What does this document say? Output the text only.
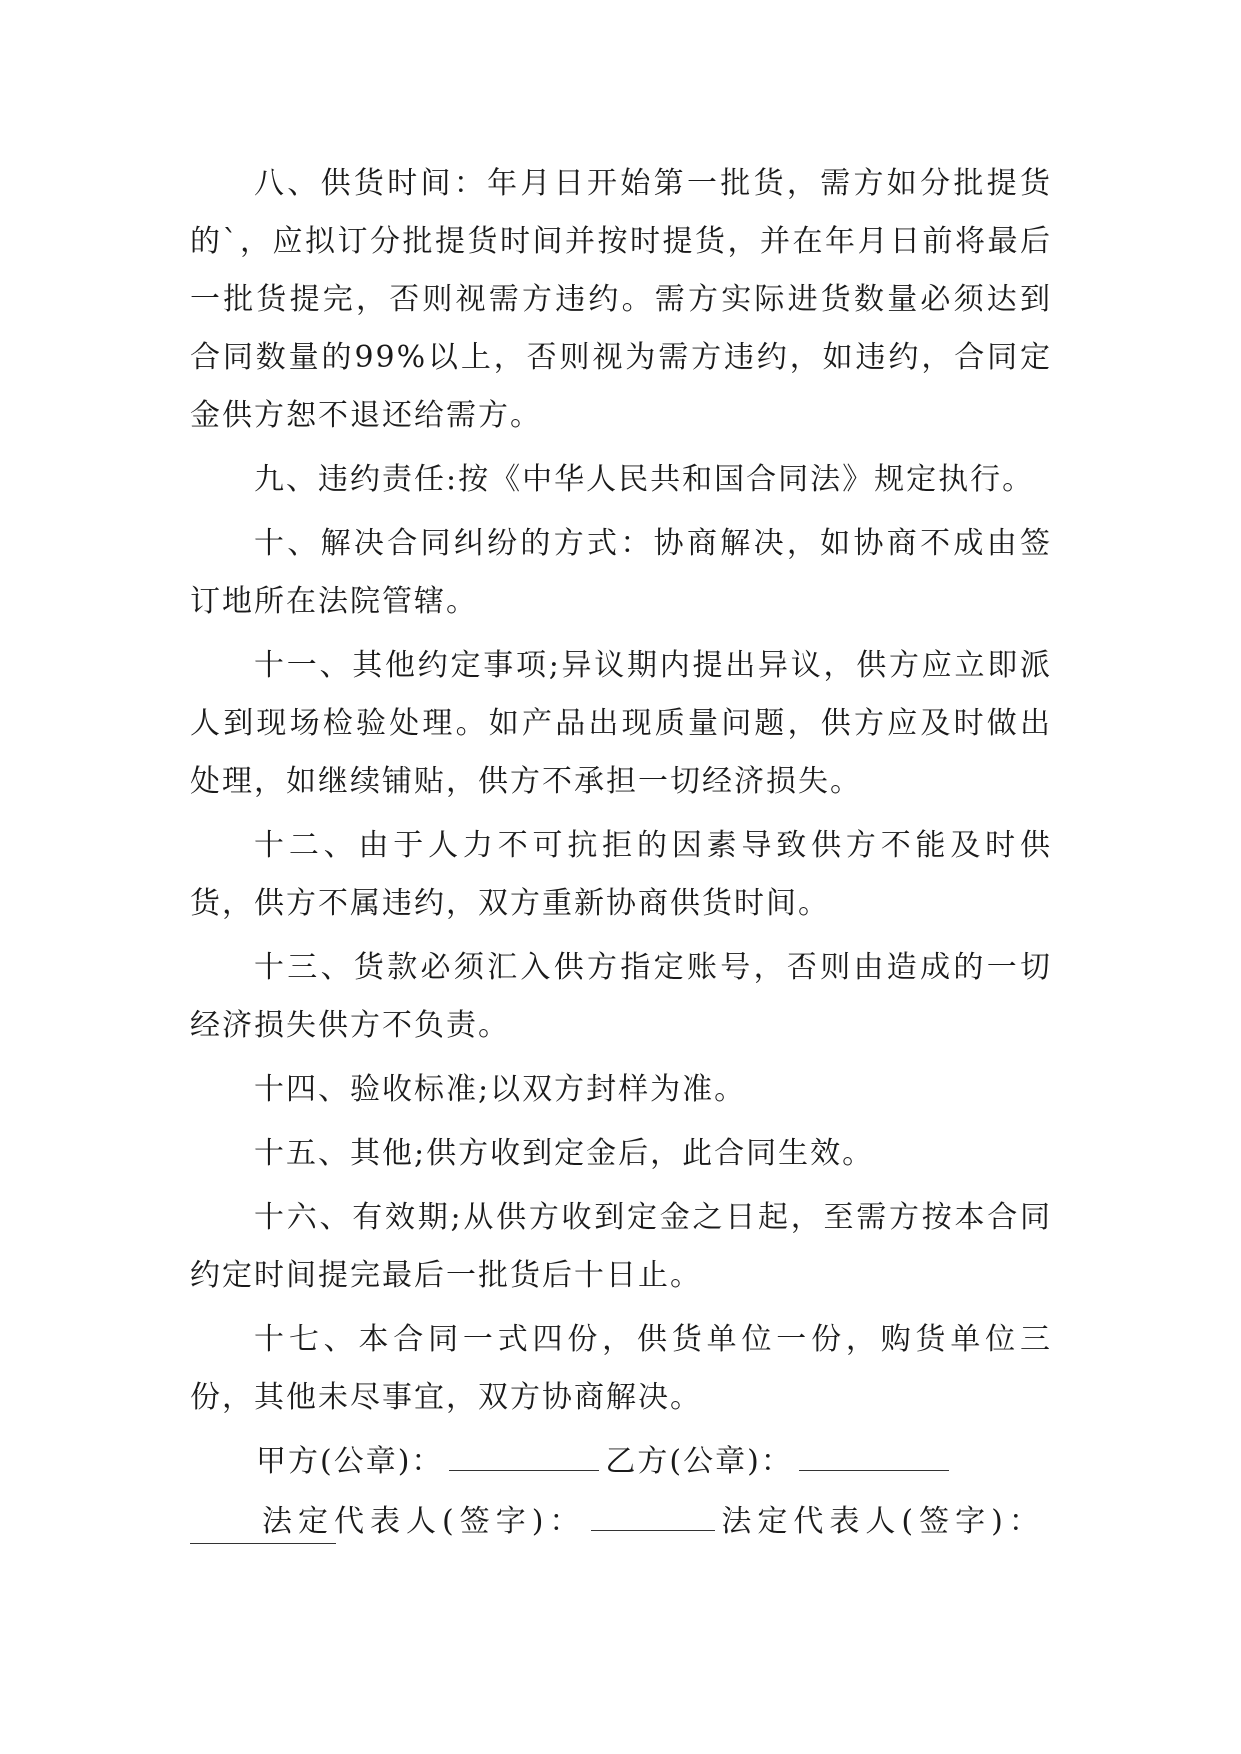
八、供货时间：年月日开始第一批货，需方如分批提货的`，应拟订分批提货时间并按时提货，并在年月日前将最后一批货提完，否则视需方违约。需方实际进货数量必须达到合同数量的99%以上，否则视为需方违约，如违约，合同定金供方恕不退还给需方。

九、违约责任:按《中华人民共和国合同法》规定执行。

十、解决合同纠纷的方式：协商解决，如协商不成由签订地所在法院管辖。

十一、其他约定事项;异议期内提出异议，供方应立即派人到现场检验处理。如产品出现质量问题，供方应及时做出处理，如继续铺贴，供方不承担一切经济损失。

十二、由于人力不可抗拒的因素导致供方不能及时供货，供方不属违约，双方重新协商供货时间。

十三、货款必须汇入供方指定账号，否则由造成的一切经济损失供方不负责。

十四、验收标准;以双方封样为准。

十五、其他;供方收到定金后，此合同生效。

十六、有效期;从供方收到定金之日起，至需方按本合同约定时间提完最后一批货后十日止。

十七、本合同一式四份，供货单位一份，购货单位三份，其他未尽事宜，双方协商解决。

甲方(公章)：	乙方(公章)：
法定代表人(签字)：	法定代表人(签字)：
